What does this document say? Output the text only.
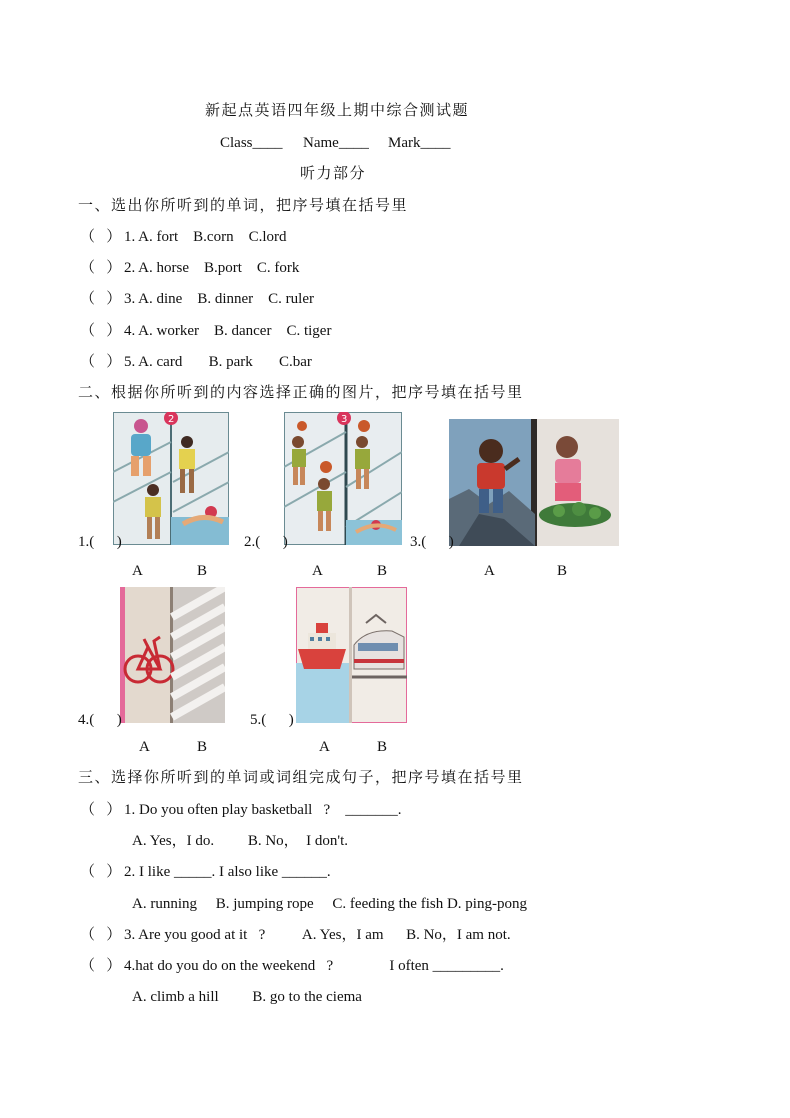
新起点英语四年级上期中综合测试题
Class____ Name____ Mark____
听力部分
一、选出你所听到的单词，把序号填在括号里
（   ） 1. A. fort    B.corn    C.lord
（   ） 2. A. horse    B.port    C. fork
（   ） 3. A. dine    B. dinner    C. ruler
（   ） 4. A. worker    B. dancer    C. tiger
（   ） 5. A. card       B. park       C.bar
二、根据你所听到的内容选择正确的图片，把序号填在括号里
2	3
1.(      )	2.(      )	3.(      )
A	B	A	B	A	B
4.(      )	5.(      )
A	B	A	B
三、选择你所听到的单词或词组完成句子，把序号填在括号里
（   ） 1. Do you often play basketball   ?    _______.
A. Yes，I do.         B. No，  I don't.
（   ） 2. I like _____. I also like ______.
A. running     B. jumping rope     C. feeding the fish D. ping-pong
（   ） 3. Are you good at it   ?          A. Yes，I am      B. No，I am not.
（   ） 4.hat do you do on the weekend   ?               I often _________.
A. climb a hill         B. go to the ciema
